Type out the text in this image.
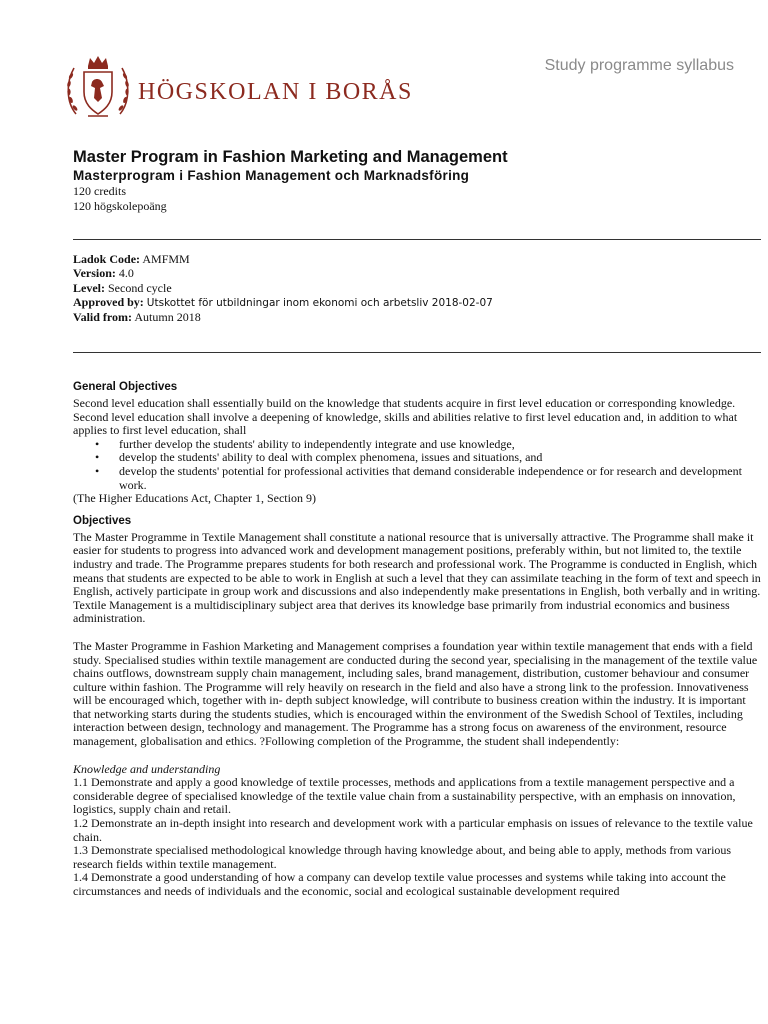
Study programme syllabus
HÖGSKOLAN I BORÅS
Master Program in Fashion Marketing and Management
Masterprogram i Fashion Management och Marknadsföring

120 credits

120 högskolepoäng

Ladok Code: AMFMM
Version: 4.0
Level: Second cycle
Approved by: Utskottet för utbildningar inom ekonomi och arbetsliv 2018-02-07
Valid from: Autumn 2018
General Objectives

Second level education shall essentially build on the knowledge that students acquire in first level education or corresponding knowledge. Second level education shall involve a deepening of knowledge, skills and abilities relative to first level education and, in addition to what applies to first level education, shall

• further develop the students' ability to independently integrate and use knowledge,
• develop the students' ability to deal with complex phenomena, issues and situations, and
• develop the students' potential for professional activities that demand considerable independence or for research and development work.

(The Higher Educations Act, Chapter 1, Section 9)

Objectives

The Master Programme in Textile Management shall constitute a national resource that is universally attractive. The Programme shall make it easier for students to progress into advanced work and development management positions, preferably within, but not limited to, the textile industry and trade. The Programme prepares students for both research and professional work. The Programme is conducted in English, which means that students are expected to be able to work in English at such a level that they can assimilate teaching in the form of text and speech in English, actively participate in group work and discussions and also independently make presentations in English, both verbally and in writing. Textile Management is a multidisciplinary subject area that derives its knowledge base primarily from industrial economics and business administration.

The Master Programme in Fashion Marketing and Management comprises a foundation year within textile management that ends with a field study. Specialised studies within textile management are conducted during the second year, specialising in the management of the textile value chains outflows, downstream supply chain management, including sales, brand management, distribution, customer behaviour and consumer culture within fashion. The Programme will rely heavily on research in the field and also have a strong link to the profession. Innovativeness will be encouraged which, together with in- depth subject knowledge, will contribute to business creation within the industry. It is important that networking starts during the students studies, which is encouraged within the environment of the Swedish School of Textiles, including interaction between design, technology and management. The Programme has a strong focus on awareness of the environment, resource management, globalisation and ethics. ?Following completion of the Programme, the student shall independently:

Knowledge and understanding

1.1 Demonstrate and apply a good knowledge of textile processes, methods and applications from a textile management perspective and a considerable degree of specialised knowledge of the textile value chain from a sustainability perspective, with an emphasis on innovation, logistics, supply chain and retail.

1.2 Demonstrate an in-depth insight into research and development work with a particular emphasis on issues of relevance to the textile value chain.

1.3 Demonstrate specialised methodological knowledge through having knowledge about, and being able to apply, methods from various research fields within textile management.

1.4 Demonstrate a good understanding of how a company can develop textile value processes and systems while taking into account the circumstances and needs of individuals and the economic, social and ecological sustainable development required
